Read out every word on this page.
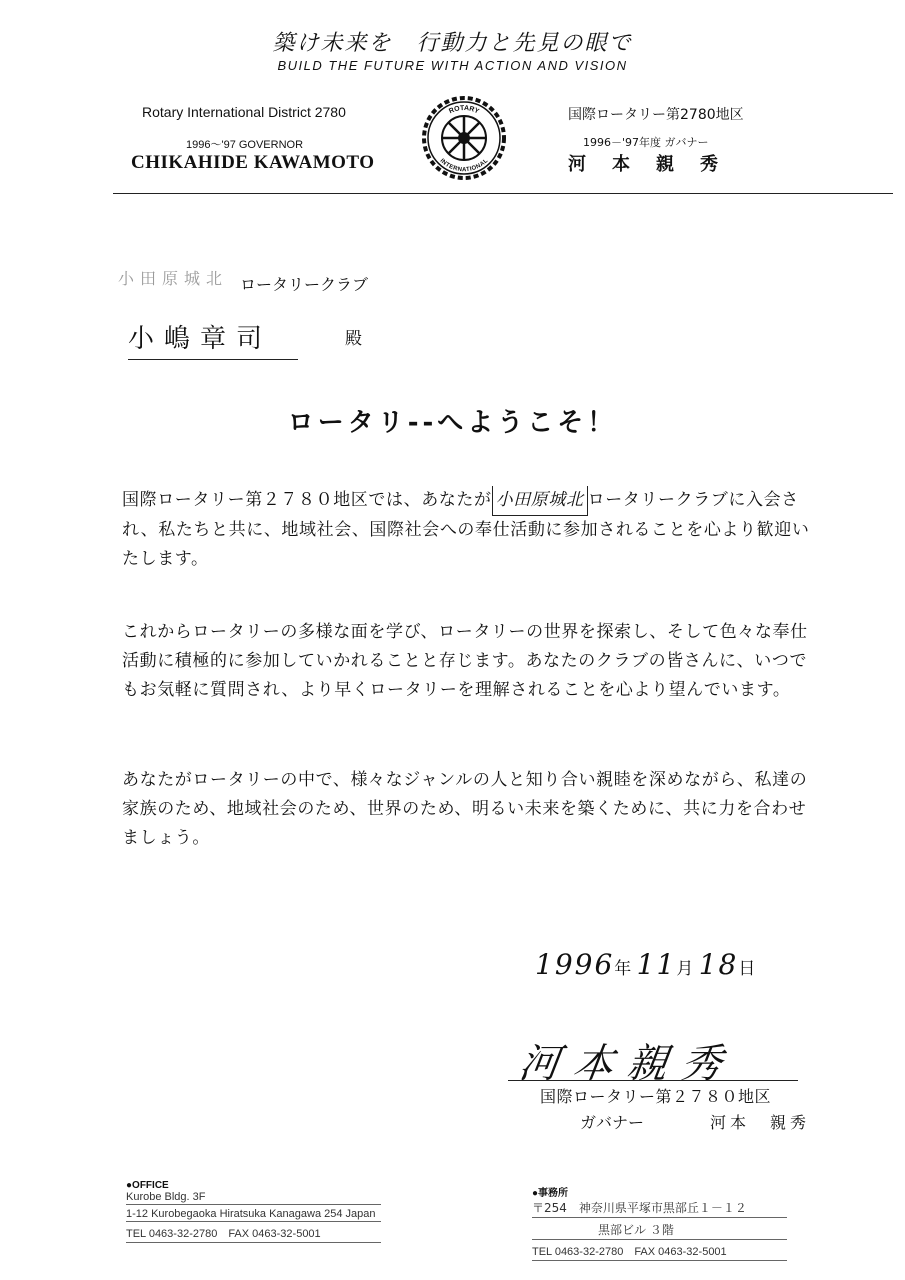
築け未来を　行動力と先見の眼で
BUILD THE FUTURE WITH ACTION AND VISION
Rotary International District 2780
1996～'97 GOVERNOR
CHIKAHIDE KAWAMOTO
ROTARY
INTERNATIONAL
国際ロータリー第2780地区
1996－'97年度 ガバナー
河本親秀
小田原城北 ロータリークラブ
小嶋章司	殿
ロータリ--へようこそ！

国際ロータリー第２７８０地区では、あなたが 小田原城北 ロータリークラブに入会され、私たちと共に、地域社会、国際社会への奉仕活動に参加されることを心より歓迎いたします。

これからロータリーの多様な面を学び、ロータリーの世界を探索し、そして色々な奉仕活動に積極的に参加していかれることと存じます。あなたのクラブの皆さんに、いつでもお気軽に質問され、より早くロータリーを理解されることを心より望んでいます。

あなたがロータリーの中で、様々なジャンルの人と知り合い親睦を深めながら、私達の家族のため、地域社会のため、世界のため、明るい未来を築くために、共に力を合わせましょう。

1996年 11月 18日
河本親秀
国際ロータリー第２７８０地区
ガバナー	河本　親秀
●OFFICE
Kurobe Bldg. 3F
1-12 Kurobegaoka Hiratsuka Kanagawa 254 Japan
TEL 0463-32-2780　FAX 0463-32-5001
●事務所
〒254　神奈川県平塚市黒部丘１－１２
黒部ビル ３階
TEL 0463-32-2780　FAX 0463-32-5001
